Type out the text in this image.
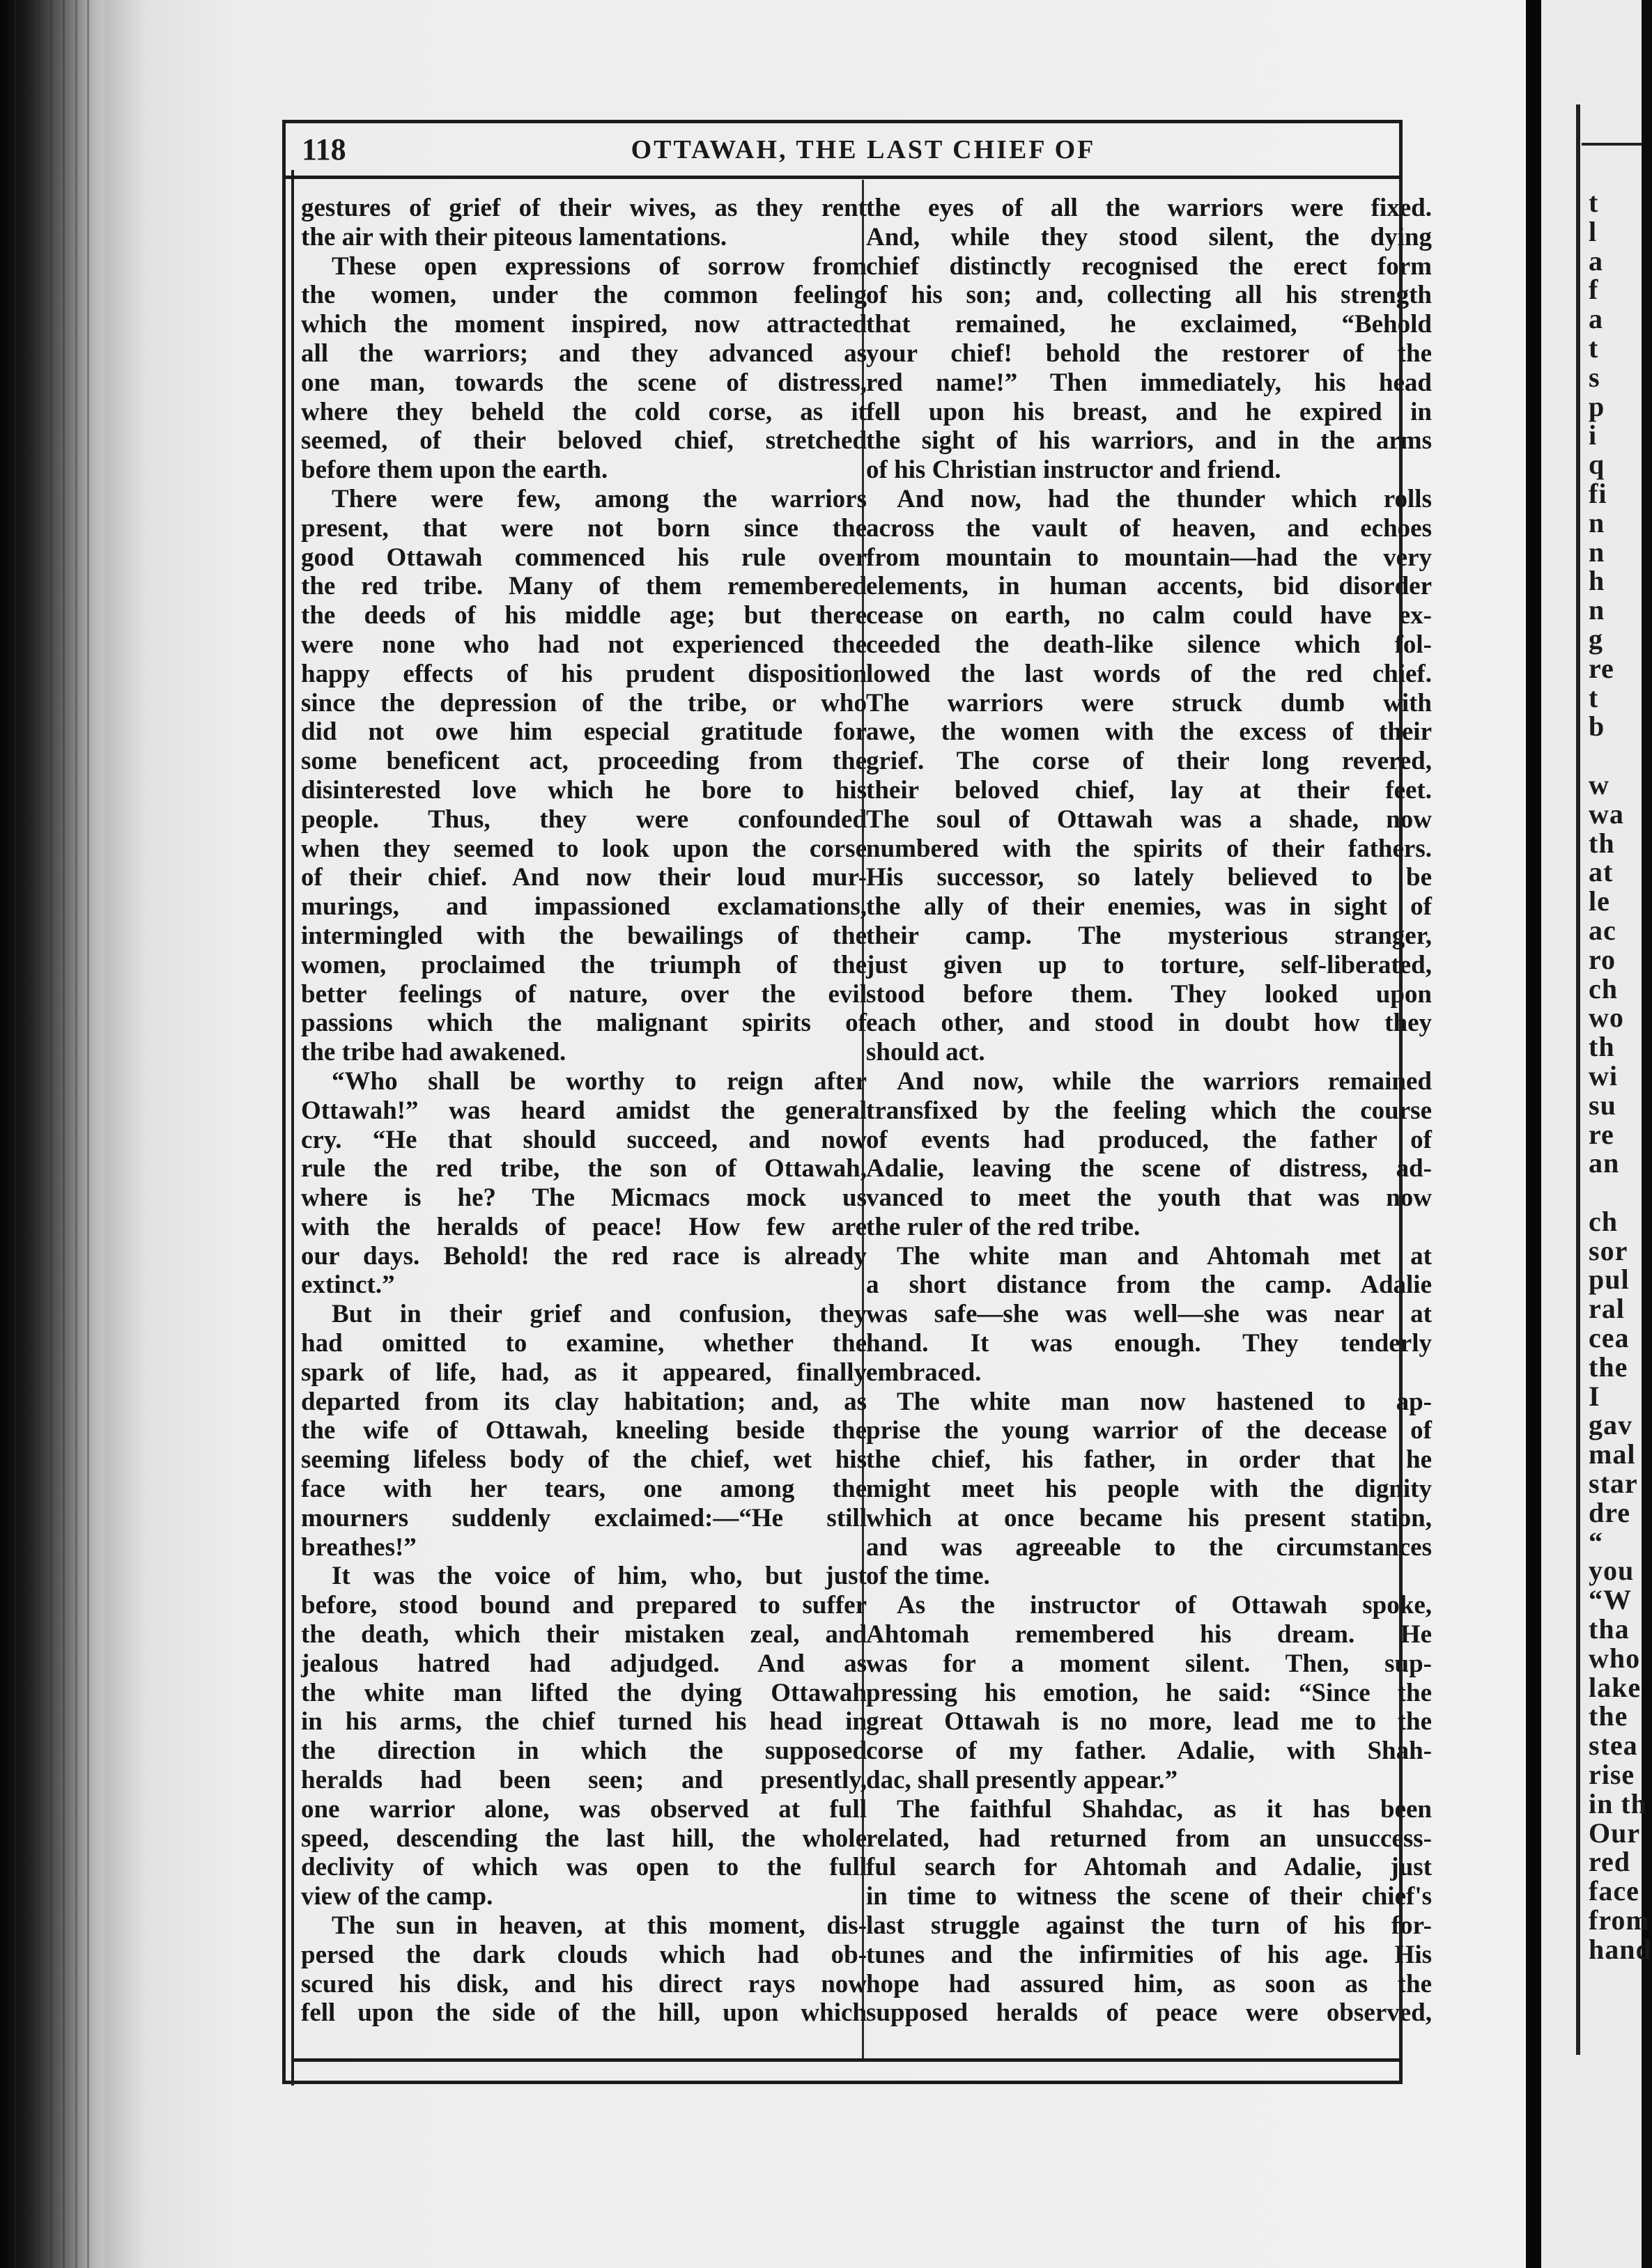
118	OTTAWAH, THE LAST CHIEF OF
gestures of grief of their wives, as they rent
the air with their piteous lamentations.
These open expressions of sorrow from
the women, under the common feeling
which the moment inspired, now attracted
all the warriors; and they advanced as
one man, towards the scene of distress,
where they beheld the cold corse, as it
seemed, of their beloved chief, stretched
before them upon the earth.
There were few, among the warriors
present, that were not born since the
good Ottawah commenced his rule over
the red tribe. Many of them remembered
the deeds of his middle age; but there
were none who had not experienced the
happy effects of his prudent disposition
since the depression of the tribe, or who
did not owe him especial gratitude for
some beneficent act, proceeding from the
disinterested love which he bore to his
people. Thus, they were confounded
when they seemed to look upon the corse
of their chief. And now their loud mur-
murings, and impassioned exclamations,
intermingled with the bewailings of the
women, proclaimed the triumph of the
better feelings of nature, over the evil
passions which the malignant spirits of
the tribe had awakened.
“Who shall be worthy to reign after
Ottawah!” was heard amidst the general
cry. “He that should succeed, and now
rule the red tribe, the son of Ottawah,
where is he? The Micmacs mock us
with the heralds of peace! How few are
our days. Behold! the red race is already
extinct.”
But in their grief and confusion, they
had omitted to examine, whether the
spark of life, had, as it appeared, finally
departed from its clay habitation; and, as
the wife of Ottawah, kneeling beside the
seeming lifeless body of the chief, wet his
face with her tears, one among the
mourners suddenly exclaimed:—“He still
breathes!”
It was the voice of him, who, but just
before, stood bound and prepared to suffer
the death, which their mistaken zeal, and
jealous hatred had adjudged. And as
the white man lifted the dying Ottawah
in his arms, the chief turned his head in
the direction in which the supposed
heralds had been seen; and presently,
one warrior alone, was observed at full
speed, descending the last hill, the whole
declivity of which was open to the full
view of the camp.
The sun in heaven, at this moment, dis-
persed the dark clouds which had ob-
scured his disk, and his direct rays now
fell upon the side of the hill, upon which
the eyes of all the warriors were fixed.
And, while they stood silent, the dying
chief distinctly recognised the erect form
of his son; and, collecting all his strength
that remained, he exclaimed, “Behold
your chief! behold the restorer of the
red name!” Then immediately, his head
fell upon his breast, and he expired in
the sight of his warriors, and in the arms
of his Christian instructor and friend.
And now, had the thunder which rolls
across the vault of heaven, and echoes
from mountain to mountain—had the very
elements, in human accents, bid disorder
cease on earth, no calm could have ex-
ceeded the death-like silence which fol-
lowed the last words of the red chief.
The warriors were struck dumb with
awe, the women with the excess of their
grief. The corse of their long revered,
their beloved chief, lay at their feet.
The soul of Ottawah was a shade, now
numbered with the spirits of their fathers.
His successor, so lately believed to be
the ally of their enemies, was in sight of
their camp. The mysterious stranger,
just given up to torture, self-liberated,
stood before them. They looked upon
each other, and stood in doubt how they
should act.
And now, while the warriors remained
transfixed by the feeling which the course
of events had produced, the father of
Adalie, leaving the scene of distress, ad-
vanced to meet the youth that was now
the ruler of the red tribe.
The white man and Ahtomah met at
a short distance from the camp. Adalie
was safe—she was well—she was near at
hand. It was enough. They tenderly
embraced.
The white man now hastened to ap-
prise the young warrior of the decease of
the chief, his father, in order that he
might meet his people with the dignity
which at once became his present station,
and was agreeable to the circumstances
of the time.
As the instructor of Ottawah spoke,
Ahtomah remembered his dream. He
was for a moment silent. Then, sup-
pressing his emotion, he said: “Since the
great Ottawah is no more, lead me to the
corse of my father. Adalie, with Shah-
dac, shall presently appear.”
The faithful Shahdac, as it has been
related, had returned from an unsuccess-
ful search for Ahtomah and Adalie, just
in time to witness the scene of their chief's
last struggle against the turn of his for-
tunes and the infirmities of his age. His
hope had assured him, as soon as the
supposed heralds of peace were observed,
t
l
a
f
a
t
s
p
i
q
fi
n
n
h
n
g
re
t
b
w
wa
th
at
le
ac
ro
ch
wo
th
wi
su
re
an
ch
sor
pul
ral
cea
the
I
gav
mal
star
dre
“
you
“W
tha
who
lake
the
stea
rise
in th
Our
red
face
from
hand
